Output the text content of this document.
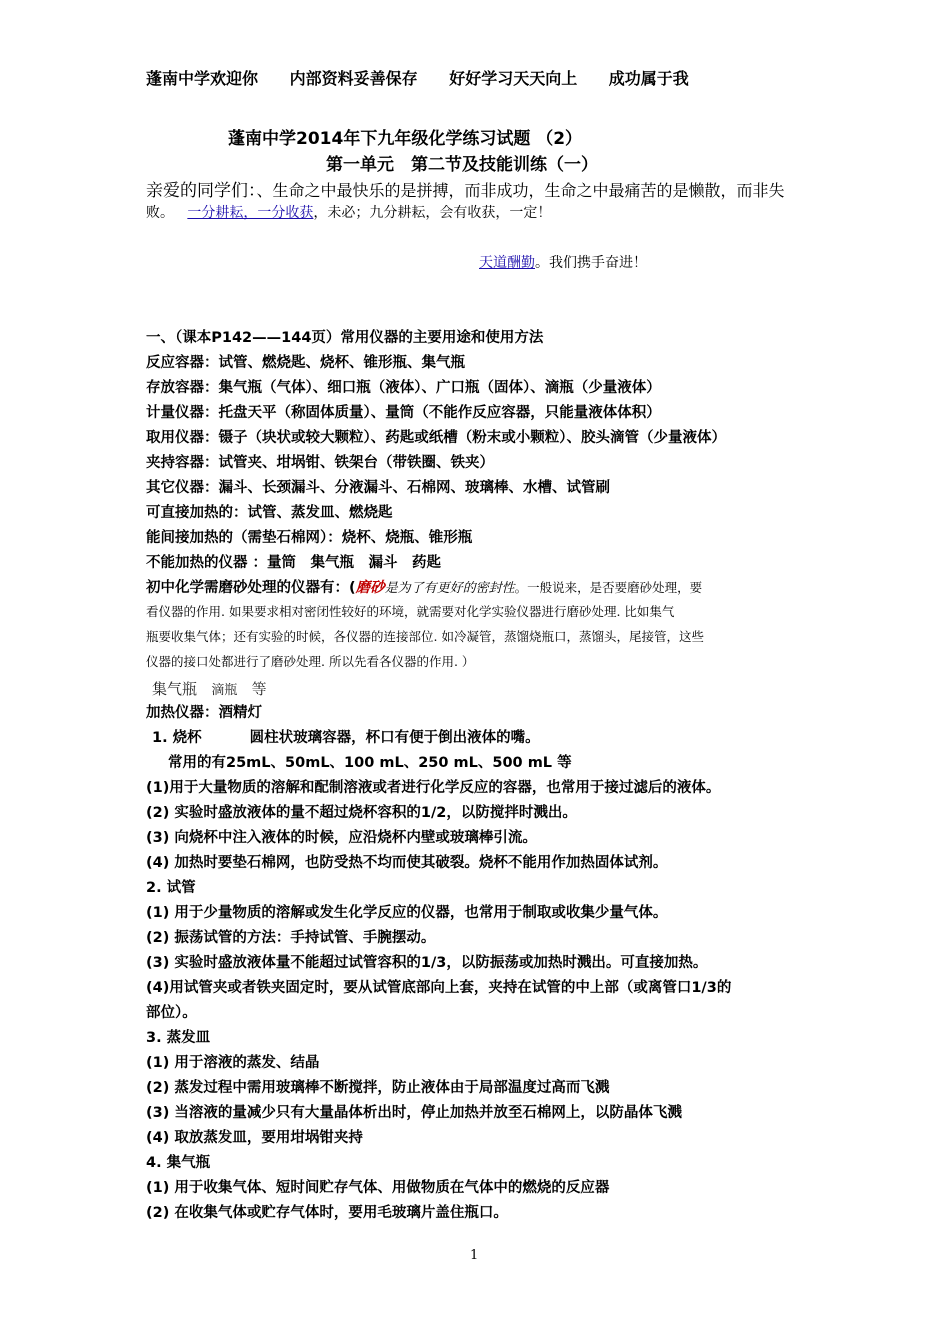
蓬南中学欢迎你 内部资料妥善保存 好好学习天天向上 成功属于我
蓬南中学2014年下九年级化学练习试题 （2）
第一单元　第二节及技能训练（一）
亲爱的同学们：、生命之中最快乐的是拼搏，而非成功，生命之中最痛苦的是懒散，而非失
败。 一分耕耘，一分收获，未必；九分耕耘，会有收获，一定！
天道酬勤。我们携手奋进！
一、（课本P142——144页）常用仪器的主要用途和使用方法
反应容器：试管、燃烧匙、烧杯、锥形瓶、集气瓶
存放容器：集气瓶（气体）、细口瓶（液体）、广口瓶（固体）、滴瓶（少量液体）
计量仪器：托盘天平（称固体质量）、量筒（不能作反应容器，只能量液体体积）
取用仪器：镊子（块状或较大颗粒）、药匙或纸槽（粉末或小颗粒）、胶头滴管（少量液体）
夹持容器：试管夹、坩埚钳、铁架台（带铁圈、铁夹）
其它仪器：漏斗、长颈漏斗、分液漏斗、石棉网、玻璃棒、水槽、试管刷
可直接加热的：试管、蒸发皿、燃烧匙
能间接加热的（需垫石棉网）：烧杯、烧瓶、锥形瓶
不能加热的仪器 ：量筒　集气瓶　漏斗　药匙
初中化学需磨砂处理的仪器有：(磨砂是为了有更好的密封性。一般说来，是否要磨砂处理，要
看仪器的作用. 如果要求相对密闭性较好的环境，就需要对化学实验仪器进行磨砂处理. 比如集气
瓶要收集气体；还有实验的时候，各仪器的连接部位. 如冷凝管，蒸馏烧瓶口，蒸馏头，尾接管，这些
仪器的接口处都进行了磨砂处理. 所以先看各仪器的作用. ）
集气瓶 滴瓶 等
加热仪器：酒精灯
1. 烧杯	圆柱状玻璃容器，杯口有便于倒出液体的嘴。
常用的有25mL、50mL、100 mL、250 mL、500 mL 等
(1)用于大量物质的溶解和配制溶液或者进行化学反应的容器，也常用于接过滤后的液体。
(2) 实验时盛放液体的量不超过烧杯容积的1/2，以防搅拌时溅出。
(3) 向烧杯中注入液体的时候，应沿烧杯内壁或玻璃棒引流。
(4) 加热时要垫石棉网，也防受热不均而使其破裂。烧杯不能用作加热固体试剂。
2. 试管
(1) 用于少量物质的溶解或发生化学反应的仪器，也常用于制取或收集少量气体。
(2) 振荡试管的方法：手持试管、手腕摆动。
(3) 实验时盛放液体量不能超过试管容积的1/3，以防振荡或加热时溅出。可直接加热。
(4)用试管夹或者铁夹固定时，要从试管底部向上套，夹持在试管的中上部（或离管口1/3的
部位）。
3. 蒸发皿
(1) 用于溶液的蒸发、结晶
(2) 蒸发过程中需用玻璃棒不断搅拌，防止液体由于局部温度过高而飞溅
(3) 当溶液的量减少只有大量晶体析出时，停止加热并放至石棉网上，以防晶体飞溅
(4) 取放蒸发皿，要用坩埚钳夹持
4. 集气瓶
(1) 用于收集气体、短时间贮存气体、用做物质在气体中的燃烧的反应器
(2) 在收集气体或贮存气体时，要用毛玻璃片盖住瓶口。
1
